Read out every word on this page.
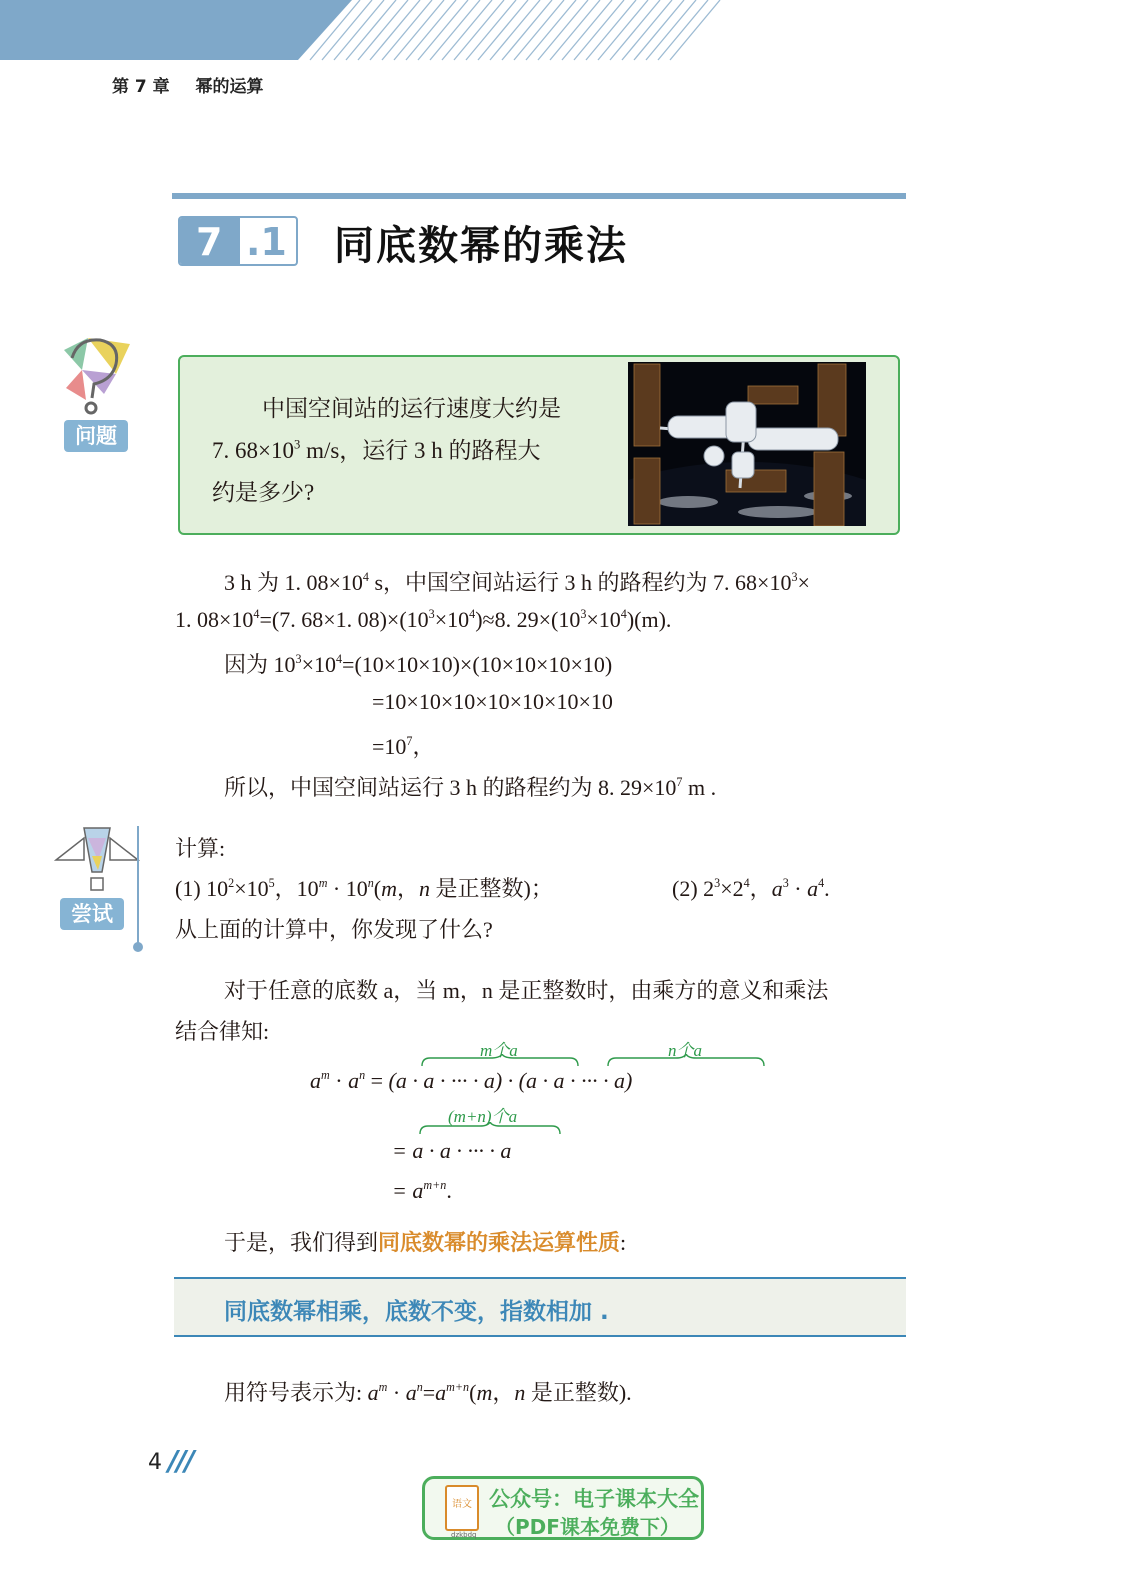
第 7 章 幂的运算
7 .1 同底数幂的乘法
问题
中国空间站的运行速度大约是
7. $68\times 10^3$ m/s，运行 3 h 的路程大
约是多少?
3 h 为 1. $08\times 10^4$ s，中国空间站运行 3 h 的路程约为 7. $68\times 10^3\times$
1. $08\times 10^4=(7$. 68×1. $08)\times(10^3\times 10^4)\approx 8$. $29\times(10^3\times 10^4)(m)$.
因为 $10^3\times 10^4=(10\times 10\times 10)\times(10\times 10\times 10\times 10)$
=10×10×10×10×10×10×10
$=10^7$，
所以，中国空间站运行 3 h 的路程约为 8. $29\times 10^7$ m .
尝试
计算:
(1) $10^2\times 10^5$，$10^m \cdot 10^n(m$，n 是正整数)；	(2) $2^3\times 2^4$，$a^3 \cdot a^4$.
从上面的计算中，你发现了什么?
对于任意的底数 a，当 m，n 是正整数时，由乘方的意义和乘法
结合律知:
m个a	n个a
$a^m \cdot a^n = (a \cdot a$ · ··· · a) · (a · a · ··· · a)
(m+n)个a
= a · a · ··· · a
= $a^{m+n}$.
于是，我们得到同底数幂的乘法运算性质:
同底数幂相乘，底数不变，指数相加 .
用符号表示为: $a^m \cdot a^n=a^{m+n}(m$，n 是正整数).
4 ///
语文
dzkbdq
公众号：电子课本大全
（PDF课本免费下）
